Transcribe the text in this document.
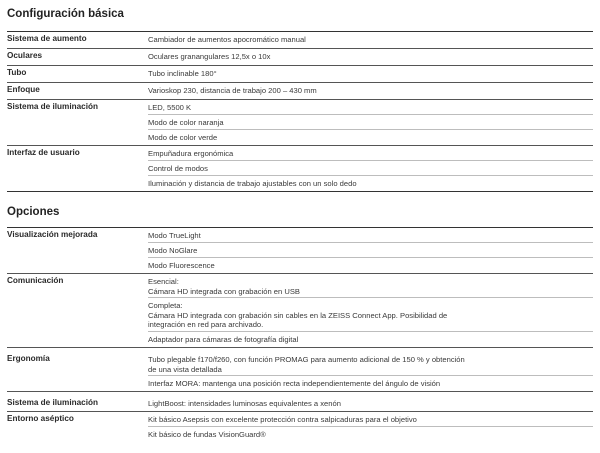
Configuración básica
Sistema de aumento	Cambiador de aumentos apocromático manual
Oculares	Oculares granangulares 12,5x o 10x
Tubo	Tubo inclinable 180°
Enfoque	Varioskop 230, distancia de trabajo 200 – 430 mm
Sistema de iluminación	LED, 5500 K
Modo de color naranja
Modo de color verde
Interfaz de usuario	Empuñadura ergonómica
Control de modos
Iluminación y distancia de trabajo ajustables con un solo dedo
Opciones
Visualización mejorada	Modo TrueLight
Modo NoGlare
Modo Fluorescence
Comunicación	Esencial:
Cámara HD integrada con grabación en USB
Completa:
Cámara HD integrada con grabación sin cables en la ZEISS Connect App. Posibilidad de
integración en red para archivado.
Adaptador para cámaras de fotografía digital
Ergonomía	Tubo plegable f170/f260, con función PROMAG para aumento adicional de 150 % y obtención
de una vista detallada
Interfaz MORA: mantenga una posición recta independientemente del ángulo de visión
Sistema de iluminación	LightBoost: intensidades luminosas equivalentes a xenón
Entorno aséptico	Kit básico Asepsis con excelente protección contra salpicaduras para el objetivo
Kit básico de fundas VisionGuard®
